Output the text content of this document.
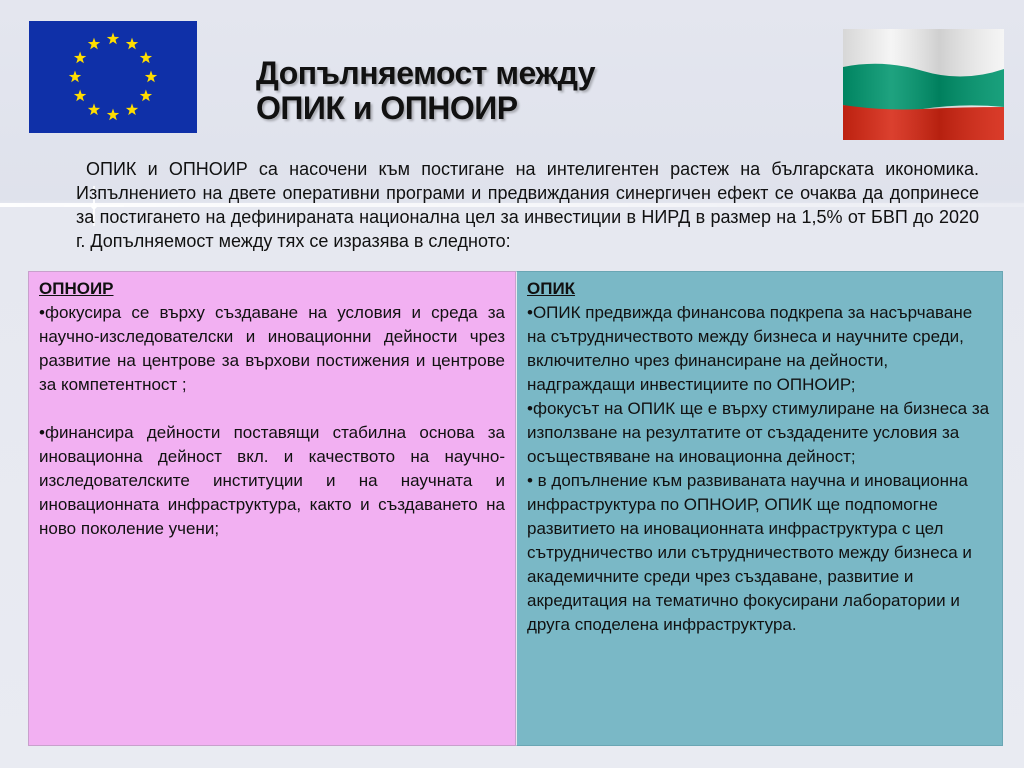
Допълняемост между
ОПИК и ОПНОИР

ОПИК и ОПНОИР са насочени към постигане на интелигентен растеж на българската икономика. Изпълнението на двете оперативни програми и предвиждания синергичен ефект се очаква да допринесе за постигането на дефинираната национална цел за инвестиции в НИРД в размер на 1,5% от БВП до 2020 г. Допълняемост между тях се изразява в следното:

ОПНОИР

•фокусира се върху създаване на условия и среда за научно-изследователски и иновационни дейности чрез развитие на центрове за върхови постижения и центрове за компетентност ;

•финансира дейности поставящи стабилна основа за иновационна дейност вкл. и качеството на научно-изследователските институции и на научната и иновационната инфраструктура, както и създаването на ново поколение учени;

ОПИК

•ОПИК предвижда финансова подкрепа за насърчаване на сътрудничеството между бизнеса и научните среди, включително чрез финансиране на дейности, надграждащи инвестициите по ОПНОИР;

•фокусът на ОПИК ще е върху стимулиране на бизнеса за използване на резултатите от създадените условия за осъществяване на иновационна дейност;

• в допълнение към развиваната научна и иновационна инфраструктура по ОПНОИР, ОПИК ще подпомогне развитието на иновационната инфраструктура с цел сътрудничество или сътрудничеството между бизнеса и академичните среди чрез създаване, развитие и акредитация на тематично фокусирани лаборатории и друга споделена инфраструктура.
